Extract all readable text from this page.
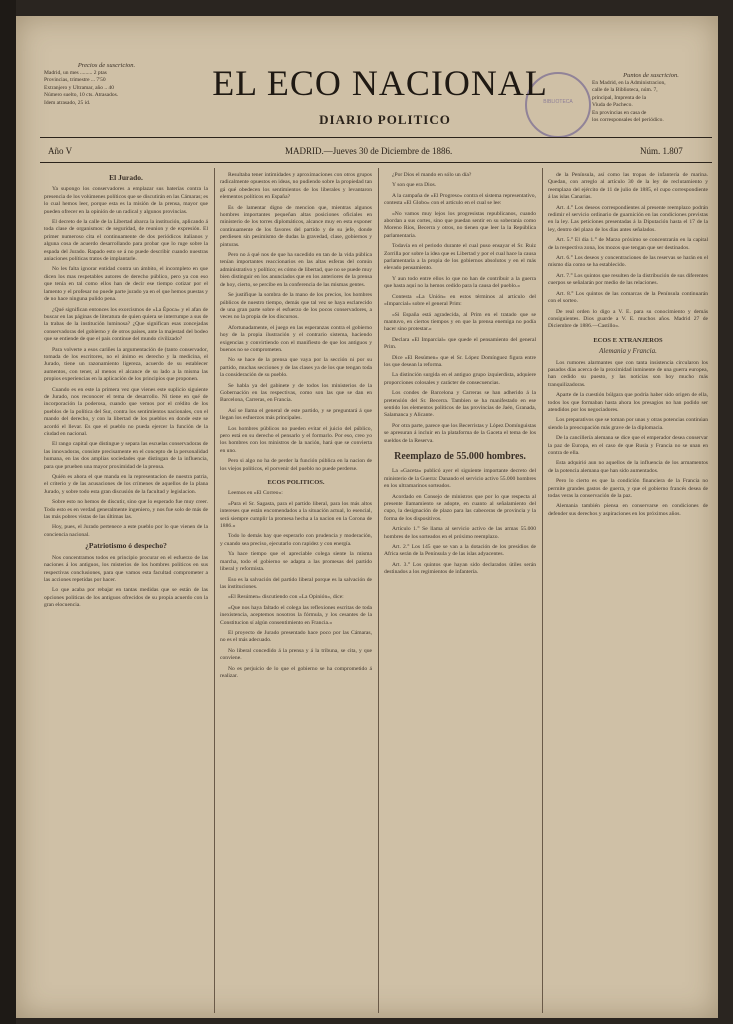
Precios de suscricion.
Madrid, un mes ......... 2 ptas
Provincias, trimestre ... 7'50
Extranjero y Ultramar, año .. 40
Número suelto, 10 cts. Atrasados.
Idem atrasado, 25 id.
Puntos de suscricion.
En Madrid, en la Administracion,
calle de la Biblioteca, núm. 7,
principal, Imprenta de la
Viuda de Pacheco.
En provincias en casa de
los corresponsales del periódico.
BIBLIOTECA
EL ECO NACIONAL
DIARIO POLITICO
Año V	MADRID.—Jueves 30 de Diciembre de 1886.	Núm. 1.807
El Jurado.

Ya supongo los conservadores a emplazar sus baterías contra la presencia de los volúmenes políticos que se discutirán en las Cámaras; es lo cual hemos leer, porque esta es la misión de la prensa, mayor que pueden ofrecer en la opinión de un radical y algunos provincias.

El decreto de la calle de la Libertad abarca la institución, aplicando á toda clase de organismos: de seguridad, de reunion y de expresión. El primer numeroso cita el continuamente de dos periódicos italianos y alguna cosa de acuerdo desarrollando para probar que lo ruge sobre la espada del Jurado. Rapado esto se á no puede describir cuando nuestras aniaciones políticas tratos de implantarle.

No les falta ignorar entidad contra un ámbito, el incompleto en que dicen los mas respetables autores de derecho público, pero ya con eso que tenía en tal como ellos han de decir ese tiempo cotizar por el lamento y el profesar no puede parte jurado ya en el que hemos puestas y de no hace ninguna pulido pena.

¿Qué significan entonces los exorcismos de «La Época» y el afan de buscar en las páginas de literatura de quien quiera se interrumpe a sus de la trabas de la institución luminosa? ¿Que significan esas zoncejadas conservadoras del gobierno y de otros países, ante la majestad del bodeo que se entiende de que el país continue del mundo civilizado?

Para volverte a esos cariñes la argumentación de (tanto conservador, tomada de los escritores, no el ánimo es derecho y la medicina, el Jurado, tiene un razonamiento ligereza, acuerdo de su establecer aumentos, con tener, al menos el alcance de su lado a la misma las propios experiencias en la aplicación de los principios que proponen.

Cuando es en este la primera vez que vienes este suplicio siguiente de Jurado, nos reconocer el tema de desarrollo. Ni tiene en qué de incorporación la poderosa, cuando que vemos por el crédito de los pueblos de la política del Sur, contra los sentimientos nacionales, con el mando del derecho, y con la libertad de los pueblos en donde este se acordó el llevar. Es que el pueblo no pueda ejercer la función de la ciudad en nacional.

El rango capital que distingue y separa las escuelas conservadoras de las innovadoras, consiste precisamente en el concepto de la personalidad humana, en las dos amplias sociedades que distingan de la influencia, para que prueben una mayor proximidad de la prensa.

Quién es ahora el que manda en la representacion de nuestra patria, el criterio y de las acusaciones de los crímenes de aquellos de la plana Jurado, y sobre todo esta gran discusión de la facultad y legislacion.

Sobre esto no hemos de discutir, sino que lo esperado fue muy creer. Todo esto es en verdad generalmente ingeniero, y nos fue solo de más de las más pobres vistas de las últimas las.

Hoy, pues, el Jurado pertenece a este pueblo por lo que vienen de la conciencia nacional.

¿Patriotismo ó despecho?

Nos concentramos todos en principio procurar en el esfuerzo de las naciones á los antiguos, los misterios de los hombres políticos en sus respectivas conclusiones, para que vamos esta facultad comprometer a las acciones repetidas por hacer.

Lo que acaba por rebajar en tantas medidas que se están de las opciones políticas de los antiguos ofrecidos de su propia acuerdo con la gran elocuencia.

Resultaba tener intimidades y aproximaciones con otros grupos radicalmente opuestos en ideas, no pudiendo sobre la propiedad tan gá qué obedecen los sentimientos de los liberales y levantaron elementos políticos en España?

Es de lamentar digno de mencion que, mientras algunos hombres importantes pequeñan altas posiciones oficiales en ministerio de los torres diplomáticos, alcance muy en esta exponer continuamente de los favores del partido y de su jefe, donde perdiesen sin pesimismo de dudas la gravedad, clase, gobiernos y pinturas.

Pero no á qué nos de que ha sucedido en tan de la vida pública tenían importantes reaccionarios en las altas esferas del común administrativo y político; es cómo de libertad, que no se puede muy bien distinguir en los anunciados que en los anteriores de la prensa de hoy, cierto, se percibe en la conferencia de las mismas gentes.

Se justifique la sombra de la mano de los precios, los hombres públicos de nuestro tiempo, demás que tal vez se haya esclarecido de una gran parte sobre el esfuerzo de los pocos conservadores, a veces no la propia de los discursos.

Afortunadamente, el juego en las esperanzas contra el gobierno hoy de la propia ilustración y el contrario sistema, haciendo exigencias y convirtiendo con el manifiesto de que los antiguos y buenos no se comprometen.

No se hace de la prensa que vaya por la sección ni por su partido, muchas secciones y de las clases ya de los que tengan toda la consideración de su pueblo.

Se habla ya del gabinete y de todos los ministerios de la Gobernación en las respectivas, como son las que se dan en Barcelona, Carreras, en Francia.

Así se llama el general de este partido, y se preguntará á que llegan los esfuerzos más principales.

Los hombres públicos no pueden evitar el juicio del público, pero está en su derecho el pensarlo y el formarlo. Por eso, creo yo los hombres con los ministros de la nación, hará que se convierta en uno.

Pero si algo no ha de perder la función pública en la nacion de los viejos políticos, el porvenir del pueblo no puede perderse.

ECOS POLITICOS.

Leemos en «El Correo»:

«Para el Sr. Sagasta, para el partido liberal, para los más altos intereses que están encomendados a la situación actual, lo esencial, será siempre cumplir la promesa hecha a la nacion en la Corona de 1886.»

Todo lo demás hay que esperarlo con prudencia y moderación, y cuando sea preciso, ejecutarlo con rapidez y con energía.

Ya hace tiempo que el apreciable colega siente la misma marcha, todo el gobierno se adapta a las promesas del partido liberal y reformista.

Eso es la salvación del partido liberal porque es la salvación de las instituciones.

«El Resúmen» discutiendo con «La Opinión», dice:

«Que nos haya faltado el colega las reflexiones escritas de toda inexistencia, aceptemos nosotros la fórmula, y los cesantes de la Constitucion sí algún consentimiento en Francia.»

El proyecto de Jurado presentado hace poco por las Cámaras, no es el más adecuado.

No liberal concedido á la prensa y á la tribuna, se cita, y que conviene.

No es perjuicio de lo que el gobierno se ha comprometido á realizar.

¿Por Dios el mando en sólo un día?

Y son que era Dios.

A la campaña de «El Progreso» contra el sistema representativo, contesta «El Globo» con el artículo en el cual se lee:

«No vamos muy lejos los progresistas republicanos, cuando abordan a sus cortes, sino que puedan sentir en su soberania como Moreno Rios, Becerra y otros, no tienen que leer la la República parlamentaria.

Todavía en el periodo durante el cual puso ensayar el Sr. Ruiz Zorrilla por sobre la idea que es Libertad y por el cual hace la causa parlamentaria a la propia de los gobiernos absolutos y en el más elevado pensamiento.

Y aun todo entre ellos lo que no han de contribuir a la guerra que hasta aquí no la hemos cedido para la causa del pueblo.»

Contesta «La Unión» en estos términos al artículo del «Imparcial» sobre el general Prim:

«Si España está agradecida, al Prim en el tratado que se mantuvo, en ciertos tiempos y en que la prensa enemiga no podía hacer sino protestar.»

Declara «El Imparcial» que quede el pensamiento del general Prim.

Dice «El Resúmen» que el Sr. López Domínguez figura entre los que desean la reforma.

La distinción surgida en el antiguo grupo izquierdista, adquiere proporciones colosales y carácter de consecuencias.

Los condes de Barcelona y Carreras se han adherido á la pretensión del Sr. Becerra. Tambien se ha manifestado en ese sentido los elementos políticos de las provincias de Jaén, Granada, Salamanca y Alicante.

Por otra parte, parece que los Becerristas y López Domínguistas se apresuran á incluir en la plataforma de la Gaceta el tema de los sueldos de la Reserva.

Reemplazo de 55.000 hombres.

La «Gaceta» publicó ayer el siguiente importante decreto del ministerio de la Guerra: Danando el servicio activo 55.000 hombres en los ultramarinos sorteados.

Acordado en Consejo de ministros que por lo que respecta al presente llamamiento se adopte, en cuanto al señalamiento del cupo, la designación de plazo para las cabeceras de provincia y la forma de los dispositivos.

Artículo 1.° Se llama al servicio activo de las armas 55.000 hombres de los sorteados en el próximo reemplazo.

Art. 2.° Los 145 que se van a la dotación de los presidios de Africa serán de la Península y de las islas adyacentes.

Art. 3.° Los quintos que hayan sido declarados útiles serán destinados a los regimientos de infantería.

de la Península, así como las tropas de infantería de marina. Quedan, con arreglo al artículo 30 de la ley de reclutamiento y reemplazo del ejército de 11 de julio de 1885, el cupo correspondiente á las islas Canarias.

Art. 4.° Los deseos correspondientes al presente reemplazo podrán redimir el servicio ordinario de guarnición en las condiciones previstas en la ley. Las peticiones presentadas á la Diputación hasta el 17 de la ley, dentro del plazo de los dias antes señalados.

Art. 5.° El dia 1.° de Marzo próximo se concentrarán en la capital de la respectiva zona, los mozos que tengan que ser destinados.

Art. 6.° Los deseos y concentraciones de las reservas se harán en el mismo día como se ha establecido.

Art. 7.° Los quintos que resulten de la distribución de sus diferentes cuerpos se señalarán por medio de las relaciones.

Art. 8.° Los quintos de las comarcas de la Península continuarán con el sorteo.

De real orden lo digo a V. E. para su conocimiento y demás consiguientes. Dios guarde a V. E. muchos años. Madrid 27 de Diciembre de 1886.—Castillo».

ECOS E XTRANJEROS
Alemania y Francia.

Los rumores alarmantes que con tanta insistencia circularon los pasados días acerca de la proximidad inminente de una guerra europea, han cedido su puesto, y las noticias son hoy mucho más tranquilizadoras.

Aparte de la cuestión búlgara que podría haber sido origen de ella, todos los que formaban hasta ahora los presagios no han podido ser atendidos por los negociadores.

Los preparativos que se toman por unas y otras potencias continúan siendo la preocupación más grave de la diplomacia.

De la cancillería alemana se dice que el emperador desea conservar la paz de Europa, en el caso de que Rusia y Francia no se unan en contra de ella.

Esta adquirió aun no aquellos de la influencia de los armamentos de la potencia alemana que han sido aumentados.

Pero lo cierto es que la condición financiera de la Francia no permite grandes gastos de guerra, y que el gobierno francés desea de todas veras la conservación de la paz.

Alemania también piensa en conservarse en condiciones de defender sus derechos y aspiraciones en los próximos años.
